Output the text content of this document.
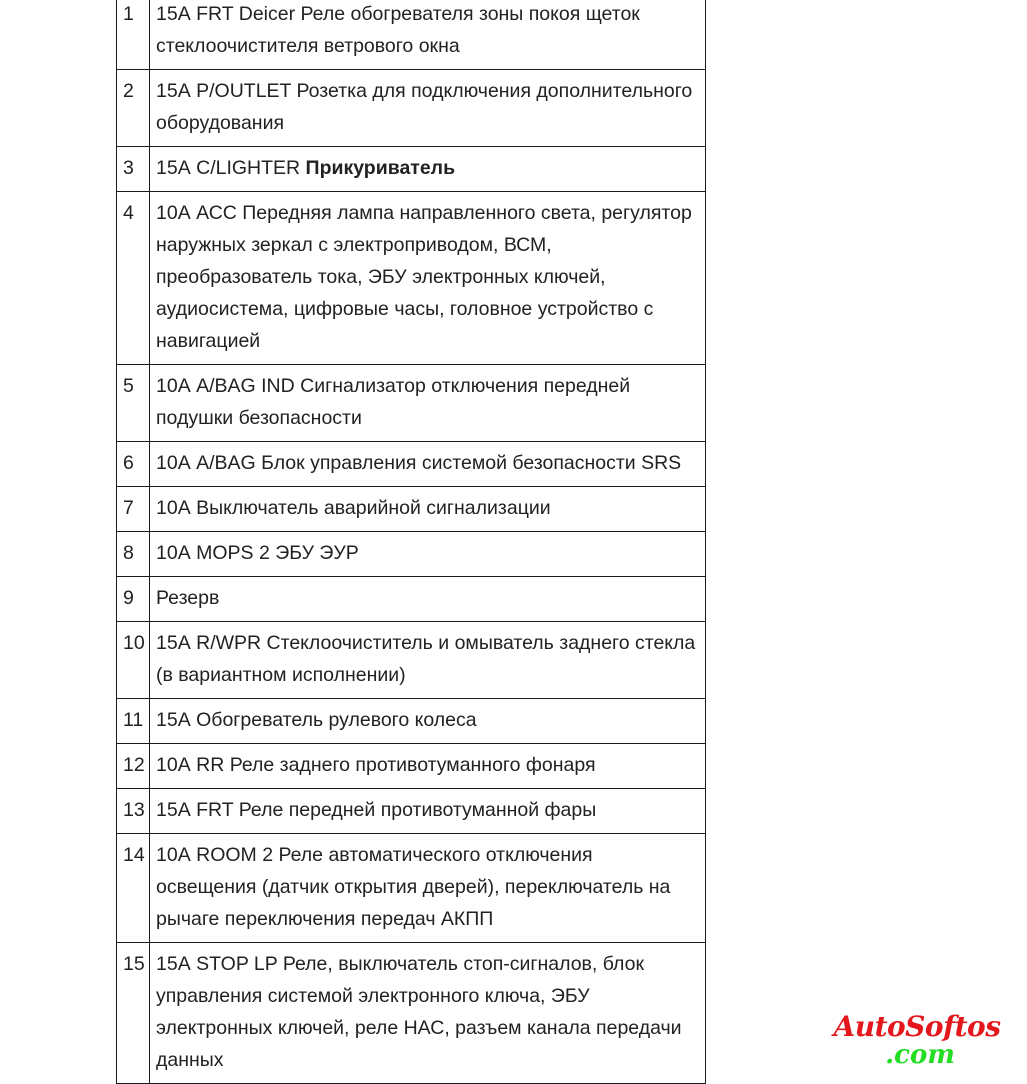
1	15А FRT Deicer Реле обогревателя зоны покоя щеток стеклоочистителя ветрового окна
2	15А P/OUTLET Розетка для подключения дополнительного оборудования
3	15А C/LIGHTER Прикуриватель
4	10А АСС Передняя лампа направленного света, регулятор наружных зеркал с электроприводом, ВСМ, преобразователь тока, ЭБУ электронных ключей, аудиосистема, цифровые часы, головное устройство с навигацией
5	10А A/BAG IND Сигнализатор отключения передней подушки безопасности
6	10А A/BAG Блок управления системой безопасности SRS
7	10А Выключатель аварийной сигнализации
8	10А MOPS 2 ЭБУ ЭУР
9	Резерв
10	15А R/WPR Стеклоочиститель и омыватель заднего стекла (в вариантном исполнении)
11	15А Обогреватель рулевого колеса
12	10А RR Реле заднего противотуманного фонаря
13	15А FRT Реле передней противотуманной фары
14	10А ROOM 2 Реле автоматического отключения освещения (датчик открытия дверей), переключатель на рычаге переключения передач АКПП
15	15А STOP LP Реле, выключатель стоп-сигналов, блок управления системой электронного ключа, ЭБУ электронных ключей, реле НАС, разъем канала передачи данных
AutoSoftos
.com
